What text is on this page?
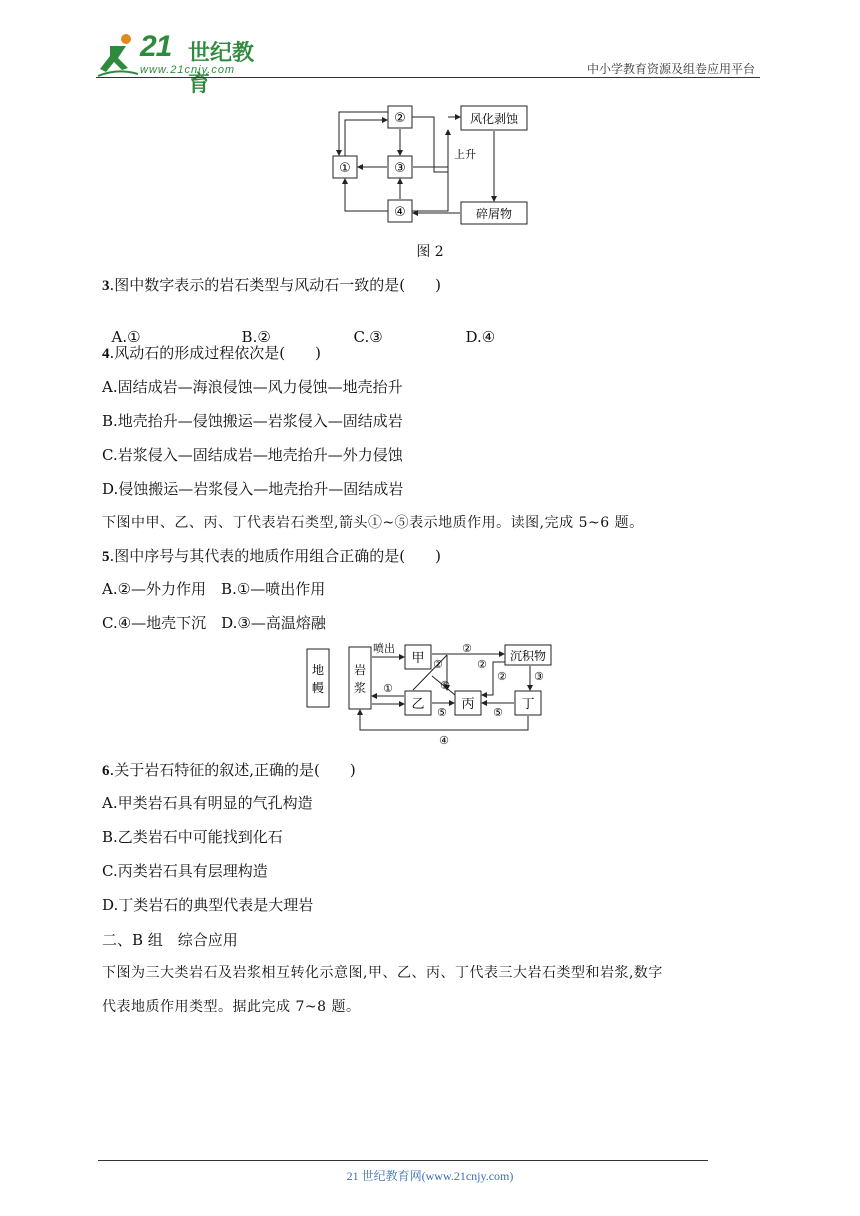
21 世纪教育
www.21cnjy.com	中小学教育资源及组卷应用平台
②
①	③
④
风化剥蚀
碎屑物
上升
图 2
3.图中数字表示的岩石类型与风动石一致的是(　　)

A.①	B.②	C.③	D.④

4.风动石的形成过程依次是(　　)
A.固结成岩—海浪侵蚀—风力侵蚀—地壳抬升
B.地壳抬升—侵蚀搬运—岩浆侵入—固结成岩
C.岩浆侵入—固结成岩—地壳抬升—外力侵蚀
D.侵蚀搬运—岩浆侵入—地壳抬升—固结成岩
下图中甲、乙、丙、丁代表岩石类型,箭头①~⑤表示地质作用。读图,完成 5~6 题。
5.图中序号与其代表的地质作用组合正确的是(　　)
A.②—外力作用　B.①—喷出作用
C.④—地壳下沉　D.③—高温熔融
地
幔
岩
浆
甲
乙	丙	丁
沉积物
喷出
①
②
②	②
② ③
④
⑤
⑤	⑤
6.关于岩石特征的叙述,正确的是(　　)
A.甲类岩石具有明显的气孔构造
B.乙类岩石中可能找到化石
C.丙类岩石具有层理构造
D.丁类岩石的典型代表是大理岩
二、B 组　综合应用
下图为三大类岩石及岩浆相互转化示意图,甲、乙、丙、丁代表三大岩石类型和岩浆,数字
代表地质作用类型。据此完成 7~8 题。
21 世纪教育网(www.21cnjy.com)
